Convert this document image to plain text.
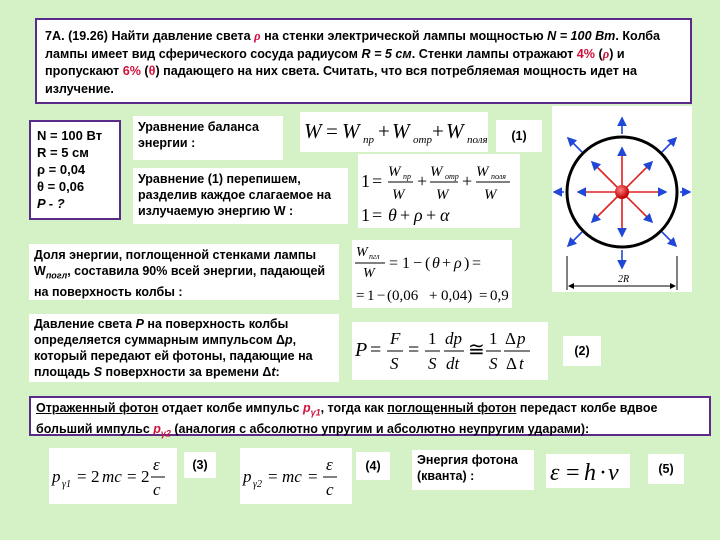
7А. (19.26) Найти давление света ρ на стенки электрической лампы мощностью N = 100 Вт. Колба лампы имеет вид сферического сосуда радиусом R = 5 см. Стенки лампы отражают 4% (ρ) и пропускают 6% (θ) падающего на них света. Считать, что вся потребляемая мощность идет на излучение.
N = 100 Вт
R = 5 см
ρ = 0,04
θ = 0,06
P - ?
Уравнение баланса энергии :	W = W пр + W отр + W поля	(1)
Уравнение (1) перепишем, разделив каждое слагаемое на излучаемую энергию W :
1 = W пр
W
+ W отр
W
+ W поля
W
1 = θ + ρ + α
Доля энергии, поглощенной стенками лампы $W_{погл}$, составила 90% всей энергии, падающей на поверхность колбы :
W пгл
W
= 1 − ( θ + ρ ) =
= 1 − (0,06 + 0,04) = 0,9
2R
Давление света P на поверхность колбы определяется суммарным импульсом Δp, который передают ей фотоны, падающие на площадь S поверхности за времени Δt:
P =
F
S
=
1
S
dp
dt
≅
1
S
Δ p
Δ t
(2)
Отраженный фотон отдает колбе импульс $p_{\gamma 1}$, тогда как поглощенный фотон передаст колбе вдвое больший импульс $p_{\gamma 2}$ (аналогия с абсолютно упругим и абсолютно неупругим ударами):
p γ1 = 2 mc = 2
ε
c
(3)
p γ2 = mc =
ε
c
(4)	Энергия фотона (кванта) :	ε = h · ν	(5)
